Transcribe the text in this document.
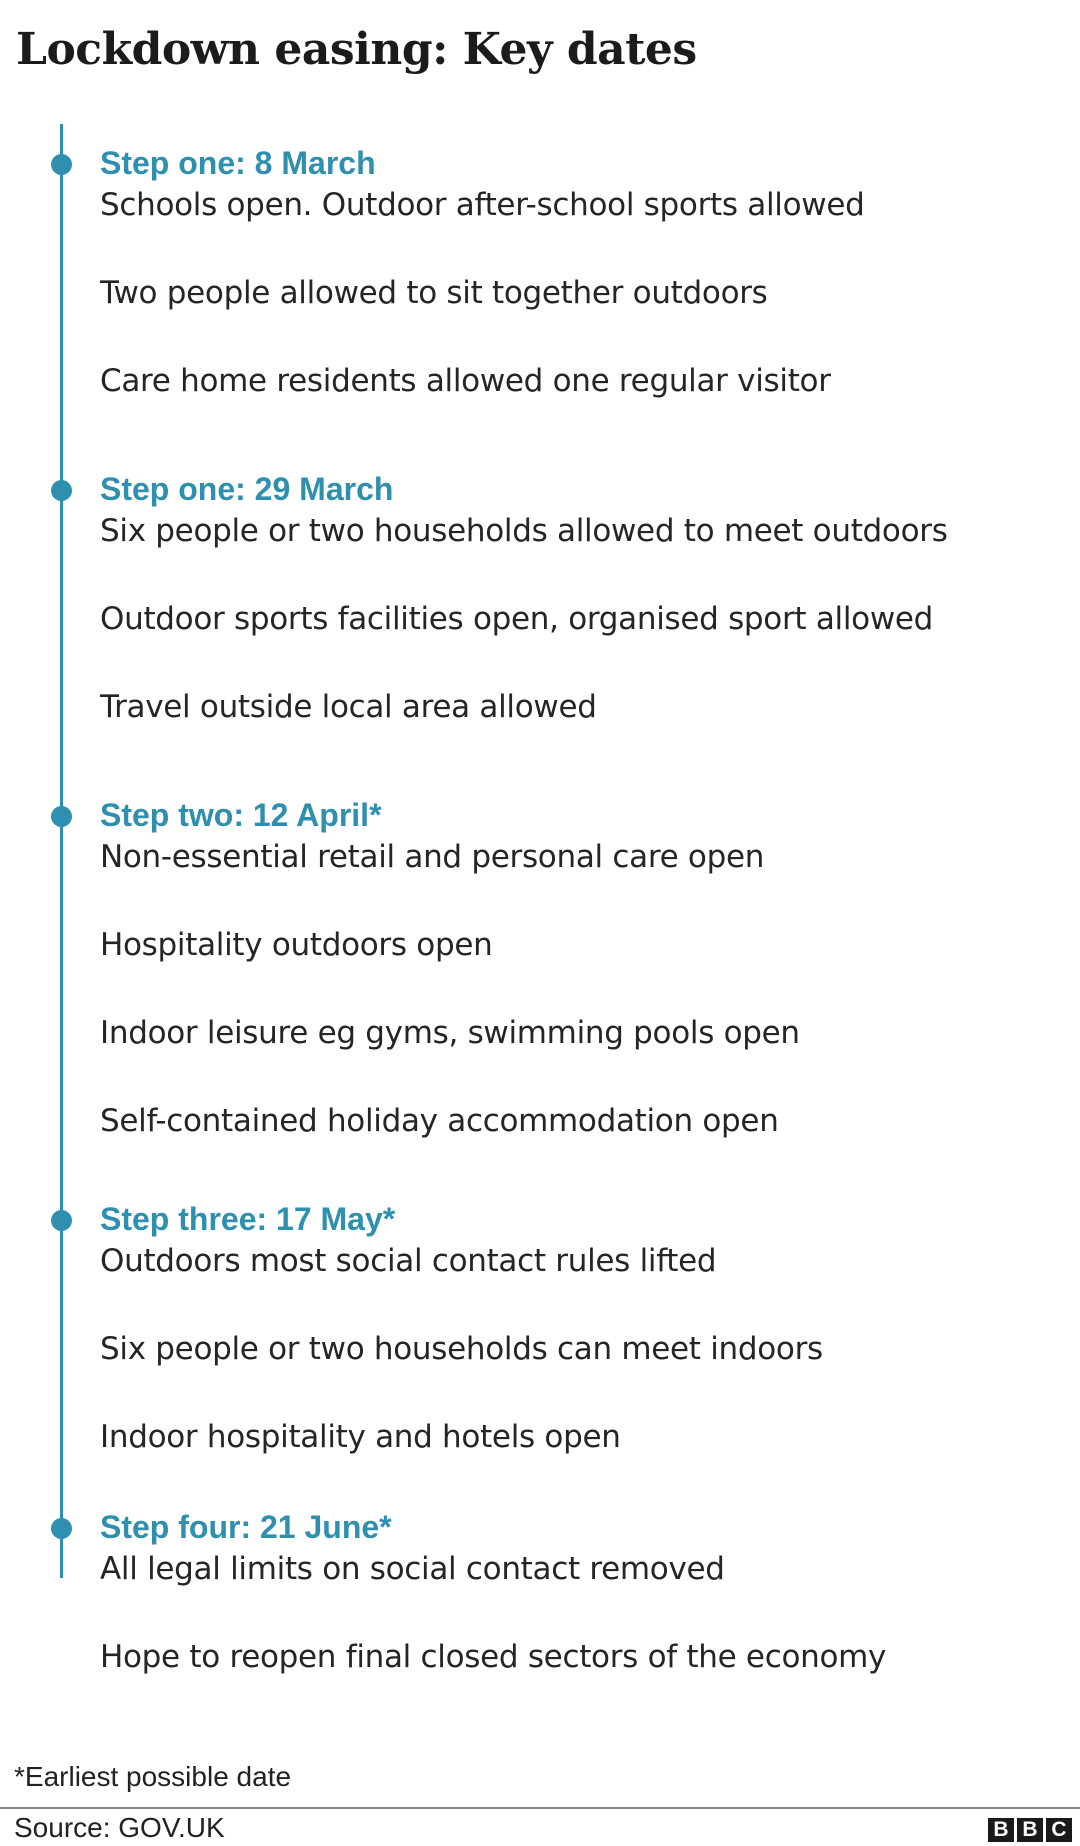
Lockdown easing: Key dates
Step one: 8 March
Schools open. Outdoor after-school sports allowed
Two people allowed to sit together outdoors
Care home residents allowed one regular visitor
Step one: 29 March
Six people or two households allowed to meet outdoors
Outdoor sports facilities open, organised sport allowed
Travel outside local area allowed
Step two: 12 April*
Non-essential retail and personal care open
Hospitality outdoors open
Indoor leisure eg gyms, swimming pools open
Self-contained holiday accommodation open
Step three: 17 May*
Outdoors most social contact rules lifted
Six people or two households can meet indoors
Indoor hospitality and hotels open
Step four: 21 June*
All legal limits on social contact removed
Hope to reopen final closed sectors of the economy
*Earliest possible date
Source: GOV.UK	B B C
